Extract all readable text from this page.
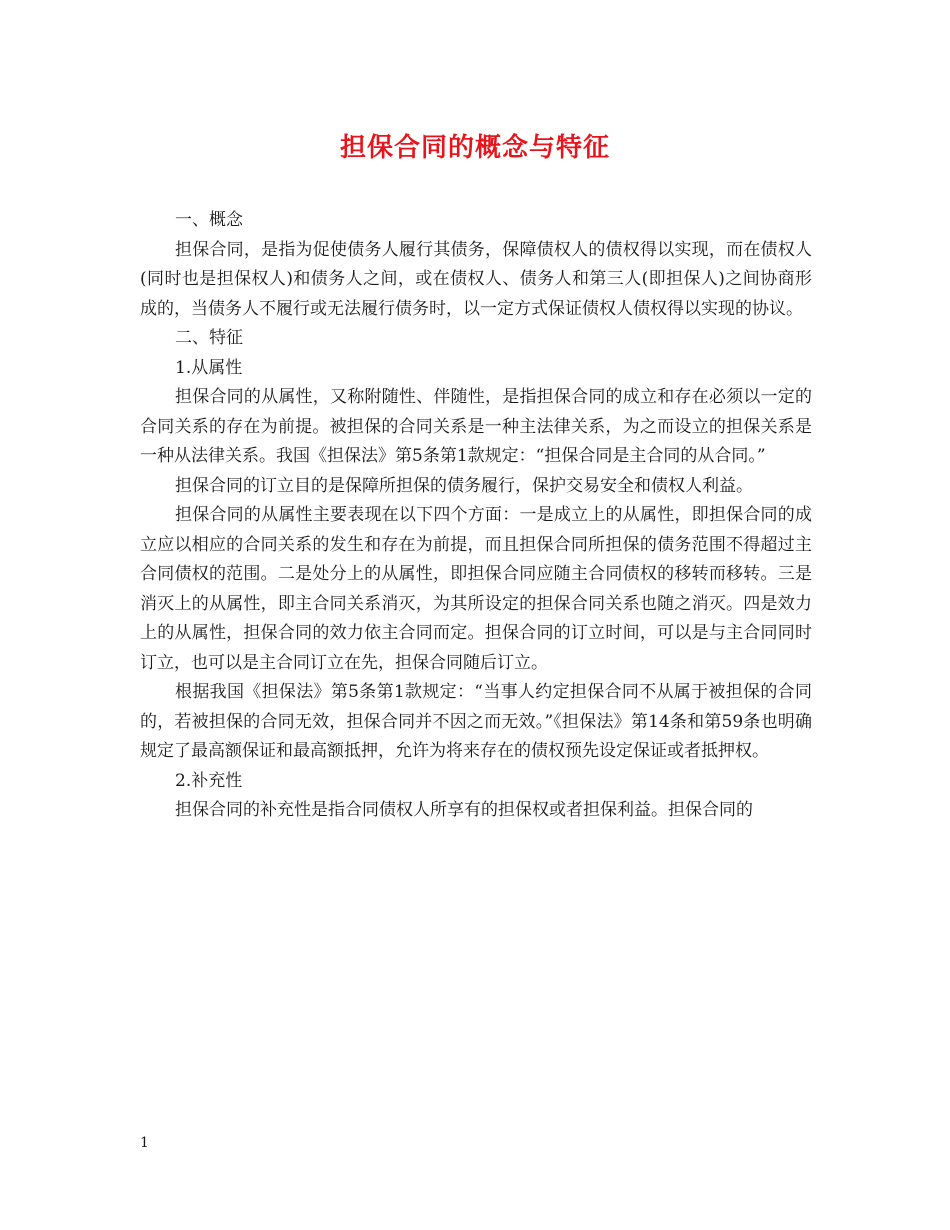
担保合同的概念与特征

一、概念

担保合同，是指为促使债务人履行其债务，保障债权人的债权得以实现，而在债权人(同时也是担保权人)和债务人之间，或在债权人、债务人和第三人(即担保人)之间协商形成的，当债务人不履行或无法履行债务时，以一定方式保证债权人债权得以实现的协议。

二、特征

1.从属性

担保合同的从属性，又称附随性、伴随性，是指担保合同的成立和存在必须以一定的合同关系的存在为前提。被担保的合同关系是一种主法律关系，为之而设立的担保关系是一种从法律关系。我国《担保法》第5条第1款规定：“担保合同是主合同的从合同。”

担保合同的订立目的是保障所担保的债务履行，保护交易安全和债权人利益。

担保合同的从属性主要表现在以下四个方面：一是成立上的从属性，即担保合同的成立应以相应的合同关系的发生和存在为前提，而且担保合同所担保的债务范围不得超过主合同债权的范围。二是处分上的从属性，即担保合同应随主合同债权的移转而移转。三是消灭上的从属性，即主合同关系消灭，为其所设定的担保合同关系也随之消灭。四是效力上的从属性，担保合同的效力依主合同而定。担保合同的订立时间，可以是与主合同同时订立，也可以是主合同订立在先，担保合同随后订立。

根据我国《担保法》第5条第1款规定：“当事人约定担保合同不从属于被担保的合同的，若被担保的合同无效，担保合同并不因之而无效。”《担保法》第14条和第59条也明确规定了最高额保证和最高额抵押，允许为将来存在的债权预先设定保证或者抵押权。

2.补充性

担保合同的补充性是指合同债权人所享有的担保权或者担保利益。担保合同的

1
